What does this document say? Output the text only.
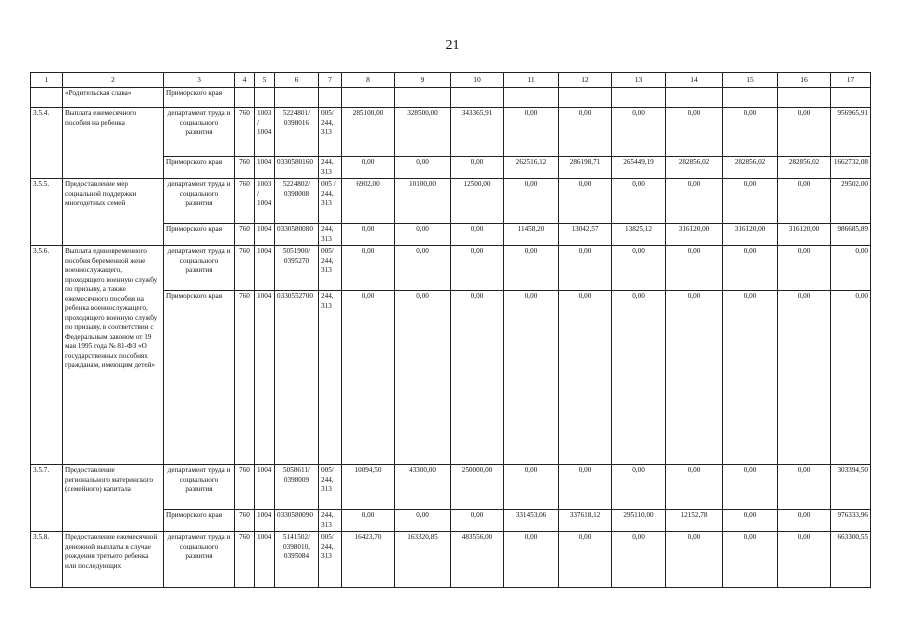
21
1	2	3	4	5	6	7	8	9	10	11	12	13	14	15	16	17
	«Родительская слава»	Приморского края														
3.5.4.	Выплата ежемесячного пособия на ребенка	департамент труда и социального развития	760	1003/ 1004	5224801/ 0398016	005/ 244, 313	285100,00	328500,00	343365,91	0,00	0,00	0,00	0,00	0,00	0,00	956965,91
		Приморского края	760	1004	0330580160	244, 313	0,00	0,00	0,00	262516,12	286198,71	265449,19	282856,02	282856,02	282856,02	1662732,08
3.5.5.	Предоставление мер социальной поддержки многодетных семей	департамент труда и социального развития	760	1003/ 1004	5224802/ 0398008	005 / 244, 313	6902,00	10100,00	12500,00	0,00	0,00	0,00	0,00	0,00	0,00	29502,00
		Приморского края	760	1004	0330580080	244, 313	0,00	0,00	0,00	11458,20	13042,57	13825,12	316120,00	316120,00	316120,00	986685,89
3.5.6.	Выплата единовременного пособия беременной жене военнослужащего, проходящего военную службу по призыву, а также ежемесячного пособия на ребенка военнослужащего, проходящего военную службу по призыву, в соответствии с Федеральным законом от 19 мая 1995 года № 81-ФЗ «О государственных пособиях гражданам, имеющим детей»	департамент труда и социального развития	760	1004	5051900/ 0395270	005/ 244, 313	0,00	0,00	0,00	0,00	0,00	0,00	0,00	0,00	0,00	0,00
		Приморского края	760	1004	0330552700	244, 313	0,00	0,00	0,00	0,00	0,00	0,00	0,00	0,00	0,00	0,00
3.5.7.	Предоставление регионального материнского (семейного) капитала	департамент труда и социального развития	760	1004	5058611/ 0398009	005/ 244, 313	10094,50	43300,00	250000,00	0,00	0,00	0,00	0,00	0,00	0,00	303394,50
		Приморского края	760	1004	0330580090	244, 313	0,00	0,00	0,00	331453,06	337618,12	295110,00	12152,78	0,00	0,00	976333,96
3.5.8.	Предоставление ежемесячной денежной выплаты в случае рождения третьего ребенка или последующих	департамент труда и социального развития	760	1004	5141502/ 0398010, 0395084	005/ 244, 313	16423,70	163320,85	483556,00	0,00	0,00	0,00	0,00	0,00	0,00	663300,55
